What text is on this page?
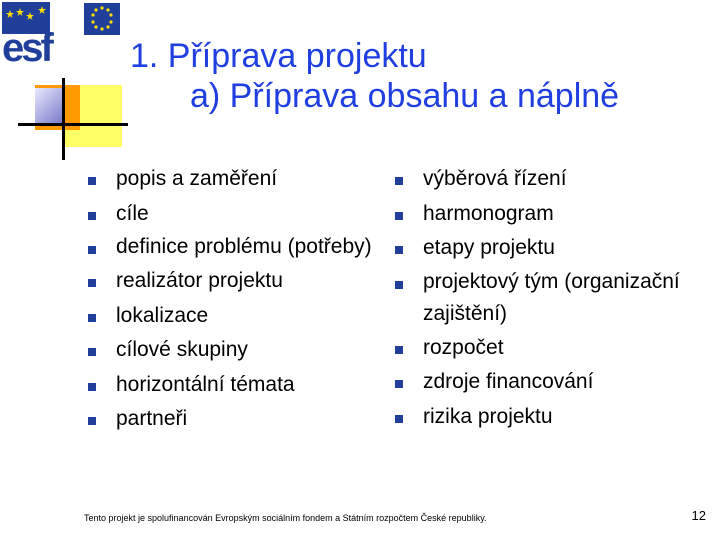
esf 1. Příprava projektu
a) Příprava obsahu a náplně
popis a zaměření
cíle
definice problému (potřeby)
realizátor projektu
lokalizace
cílové skupiny
horizontální témata
partneři
výběrová řízení
harmonogram
etapy projektu
projektový tým (organizační zajištění)
rozpočet
zdroje financování
rizika projektu
Tento projekt je spolufinancován Evropským sociálním fondem a Státním rozpočtem České republiky.	12
